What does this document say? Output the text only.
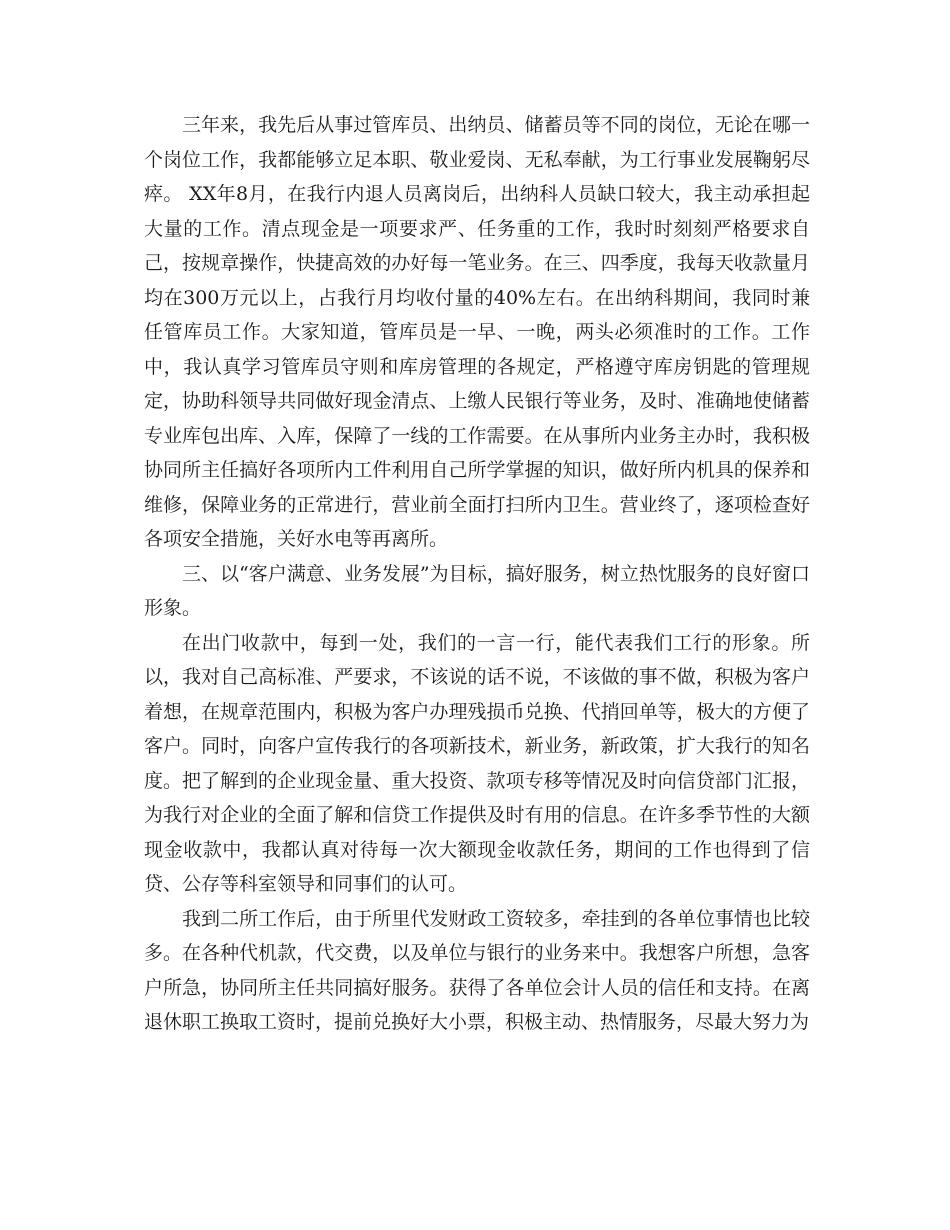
三年来，我先后从事过管库员、出纳员、储蓄员等不同的岗位，无论在哪一个岗位工作，我都能够立足本职、敬业爱岗、无私奉献，为工行事业发展鞠躬尽瘁。 XX年8月，在我行内退人员离岗后，出纳科人员缺口较大，我主动承担起大量的工作。清点现金是一项要求严、任务重的工作，我时时刻刻严格要求自己，按规章操作，快捷高效的办好每一笔业务。在三、四季度，我每天收款量月均在300万元以上，占我行月均收付量的40%左右。在出纳科期间，我同时兼任管库员工作。大家知道，管库员是一早、一晚，两头必须准时的工作。工作中，我认真学习管库员守则和库房管理的各规定，严格遵守库房钥匙的管理规定，协助科领导共同做好现金清点、上缴人民银行等业务，及时、准确地使储蓄专业库包出库、入库，保障了一线的工作需要。在从事所内业务主办时，我积极协同所主任搞好各项所内工件利用自己所学掌握的知识，做好所内机具的保养和维修，保障业务的正常进行，营业前全面打扫所内卫生。营业终了，逐项检查好各项安全措施，关好水电等再离所。

三、以“客户满意、业务发展”为目标，搞好服务，树立热忱服务的良好窗口形象。

在出门收款中，每到一处，我们的一言一行，能代表我们工行的形象。所以，我对自己高标准、严要求，不该说的话不说，不该做的事不做，积极为客户着想，在规章范围内，积极为客户办理残损币兑换、代捎回单等，极大的方便了客户。同时，向客户宣传我行的各项新技术，新业务，新政策，扩大我行的知名度。把了解到的企业现金量、重大投资、款项专移等情况及时向信贷部门汇报，为我行对企业的全面了解和信贷工作提供及时有用的信息。在许多季节性的大额现金收款中，我都认真对待每一次大额现金收款任务，期间的工作也得到了信贷、公存等科室领导和同事们的认可。

我到二所工作后，由于所里代发财政工资较多，牵挂到的各单位事情也比较多。在各种代机款，代交费，以及单位与银行的业务来中。我想客户所想，急客户所急，协同所主任共同搞好服务。获得了各单位会计人员的信任和支持。在离退休职工换取工资时，提前兑换好大小票，积极主动、热情服务，尽最大努力为
